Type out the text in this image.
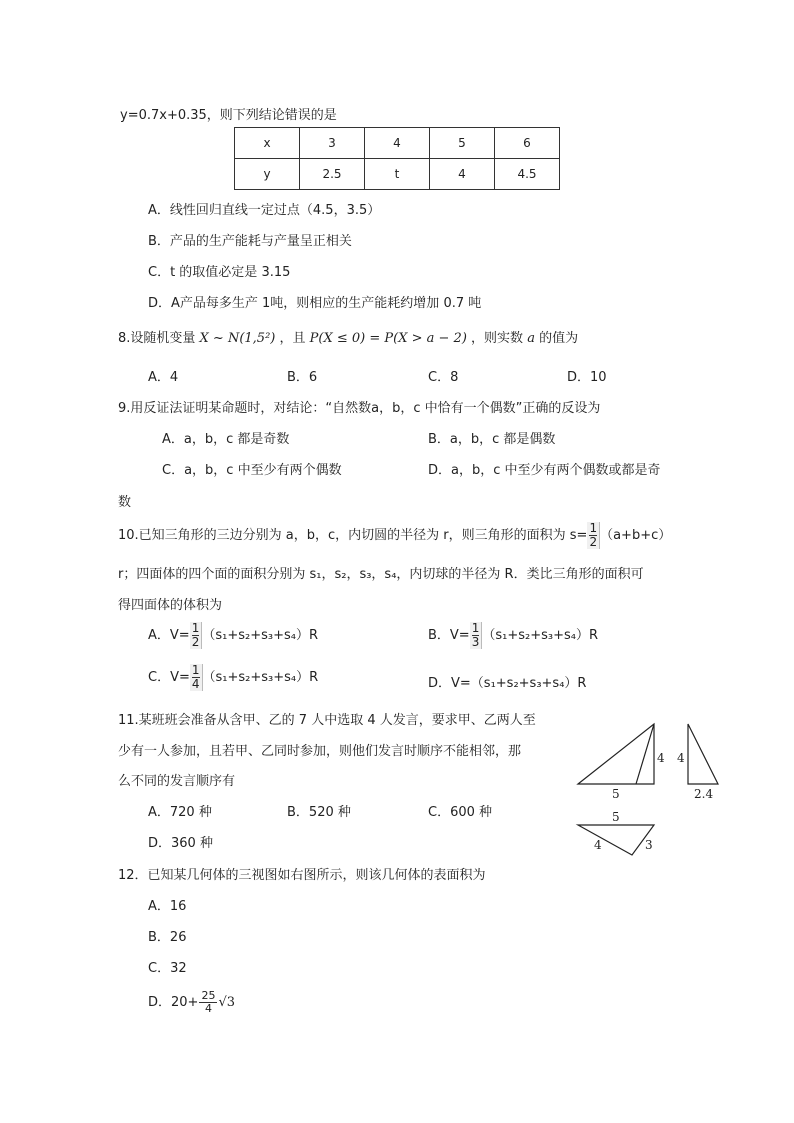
y=0.7x+0.35，则下列结论错误的是
x	3	4	5	6
y	2.5	t	4	4.5
A．线性回归直线一定过点（4.5，3.5）
B．产品的生产能耗与产量呈正相关
C．t 的取值必定是 3.15
D．A产品每多生产 1吨，则相应的生产能耗约增加 0.7 吨
8.设随机变量 X ~ N(1,5²) ，且 P(X ≤ 0) = P(X > a − 2) ，则实数 a 的值为
A．4	B．6	C．8	D．10
9.用反证法证明某命题时，对结论：“自然数a，b，c 中恰有一个偶数”正确的反设为
A．a，b，c 都是奇数	B．a，b，c 都是偶数
C．a，b，c 中至少有两个偶数	D．a，b，c 中至少有两个偶数或都是奇
数
10.已知三角形的三边分别为 a，b，c，内切圆的半径为 r，则三角形的面积为 $s= \frac{1}{2} (a+b+c)$
r；四面体的四个面的面积分别为 s₁，s₂，s₃，s₄，内切球的半径为 R．类比三角形的面积可
得四面体的体积为
A．$V= \frac{1}{2} (s_1+s_2+s_3+s_4)R$	B．$V= \frac{1}{3} (s_1+s_2+s_3+s_4)R$
C．$V= \frac{1}{4} (s_1+s_2+s_3+s_4)R$	D．V=（s₁+s₂+s₃+s₄）R
11.某班班会准备从含甲、乙的 7 人中选取 4 人发言，要求甲、乙两人至
少有一人参加，且若甲、乙同时参加，则他们发言时顺序不能相邻，那
么不同的发言顺序有
A．720 种	B．520 种	C．600 种
D．360 种
12．已知某几何体的三视图如右图所示，则该几何体的表面积为
A．16
B．26
C．32
D．$20+ \frac{25}{4} √3$
5
4 4
2.4
5
4	3
